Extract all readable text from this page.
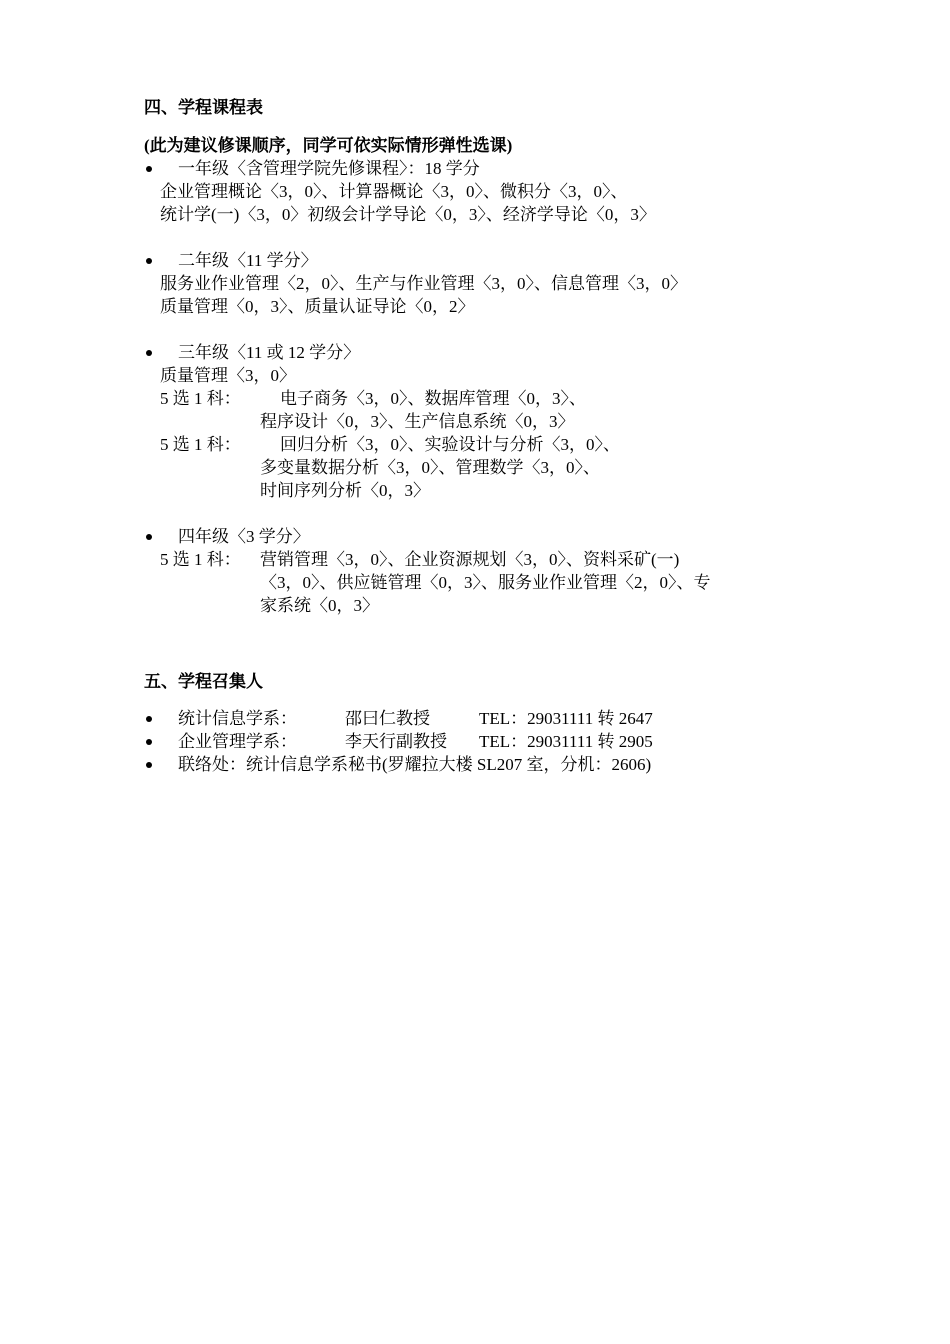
四、学程课程表
(此为建议修课顺序，同学可依实际情形弹性选课)
一年级〈含管理学院先修课程〉：18 学分
企业管理概论〈3，0〉、计算器概论〈3，0〉、微积分〈3，0〉、
统计学(一)〈3，0〉初级会计学导论〈0，3〉、经济学导论〈0，3〉
二年级〈11 学分〉
服务业作业管理〈2，0〉、生产与作业管理〈3，0〉、信息管理〈3，0〉
质量管理〈0，3〉、质量认证导论〈0，2〉
三年级〈11 或 12 学分〉
质量管理〈3，0〉
5 选 1 科： 电子商务〈3，0〉、数据库管理〈0，3〉、
程序设计〈0，3〉、生产信息系统〈0，3〉
5 选 1 科： 回归分析〈3，0〉、实验设计与分析〈3，0〉、
多变量数据分析〈3，0〉、管理数学〈3，0〉、
时间序列分析〈0，3〉
四年级〈3 学分〉
5 选 1 科： 营销管理〈3，0〉、企业资源规划〈3，0〉、资料采矿(一)
〈3，0〉、供应链管理〈0，3〉、服务业作业管理〈2，0〉、专
家系统〈0，3〉
五、学程召集人
统计信息学系：	邵曰仁教授	TEL：29031111 转 2647
企业管理学系：	李天行副教授 TEL：29031111 转 2905
联络处：统计信息学系秘书(罗耀拉大楼 SL207 室，分机：2606)
